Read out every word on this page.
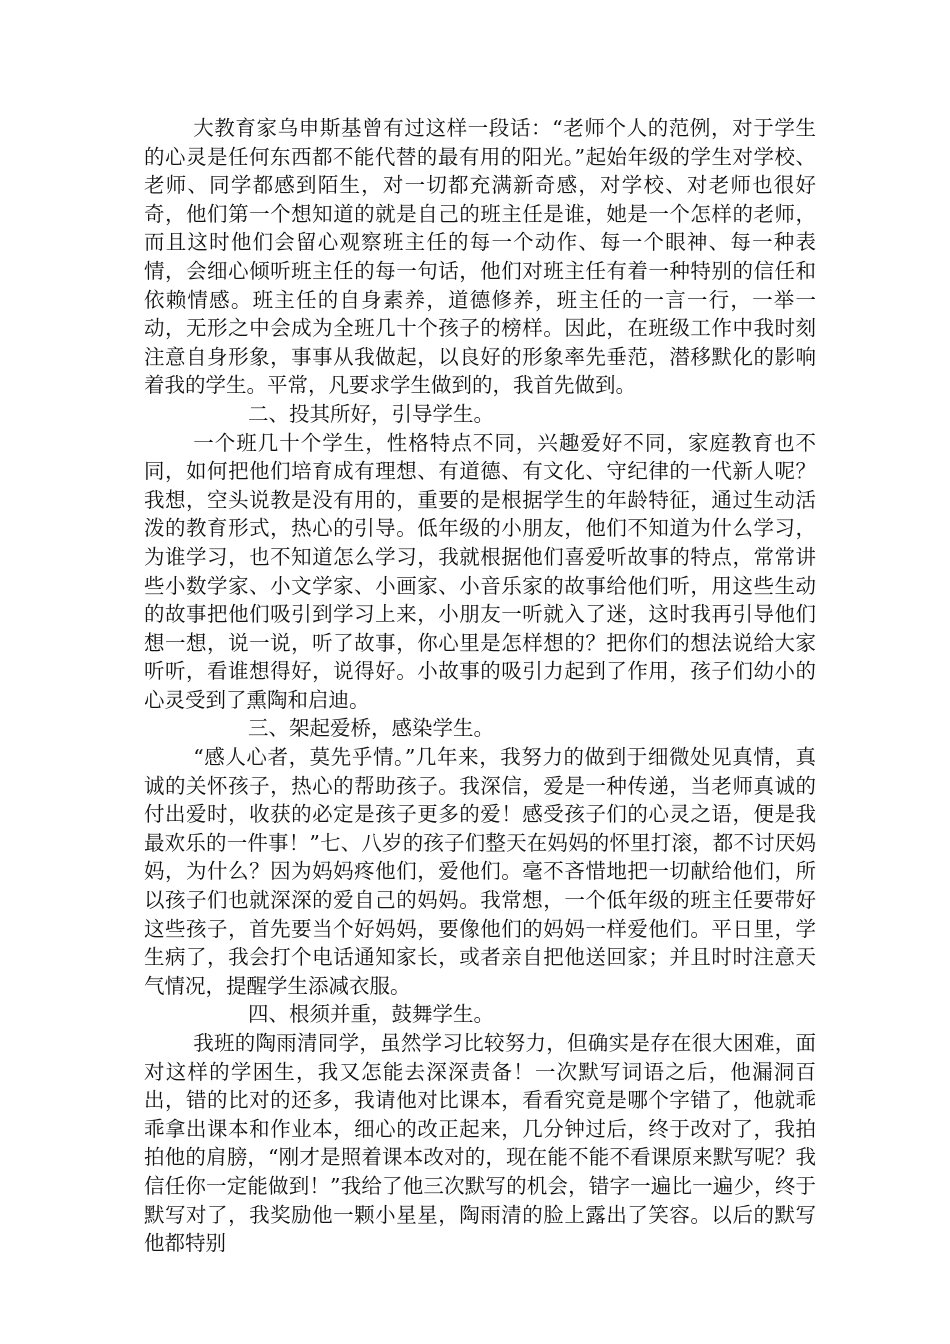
大教育家乌申斯基曾有过这样一段话：“老师个人的范例，对于学生的心灵是任何东西都不能代替的最有用的阳光。”起始年级的学生对学校、老师、同学都感到陌生，对一切都充满新奇感，对学校、对老师也很好奇，他们第一个想知道的就是自己的班主任是谁，她是一个怎样的老师，而且这时他们会留心观察班主任的每一个动作、每一个眼神、每一种表情，会细心倾听班主任的每一句话，他们对班主任有着一种特别的信任和依赖情感。班主任的自身素养，道德修养，班主任的一言一行，一举一动，无形之中会成为全班几十个孩子的榜样。因此，在班级工作中我时刻注意自身形象，事事从我做起，以良好的形象率先垂范，潜移默化的影响着我的学生。平常，凡要求学生做到的，我首先做到。

二、投其所好，引导学生。

一个班几十个学生，性格特点不同，兴趣爱好不同，家庭教育也不同，如何把他们培育成有理想、有道德、有文化、守纪律的一代新人呢？我想，空头说教是没有用的，重要的是根据学生的年龄特征，通过生动活泼的教育形式，热心的引导。低年级的小朋友，他们不知道为什么学习，为谁学习，也不知道怎么学习，我就根据他们喜爱听故事的特点，常常讲些小数学家、小文学家、小画家、小音乐家的故事给他们听，用这些生动的故事把他们吸引到学习上来，小朋友一听就入了迷，这时我再引导他们想一想，说一说，听了故事，你心里是怎样想的？把你们的想法说给大家听听，看谁想得好，说得好。小故事的吸引力起到了作用，孩子们幼小的心灵受到了熏陶和启迪。

三、架起爱桥，感染学生。

“感人心者，莫先乎情。”几年来，我努力的做到于细微处见真情，真诚的关怀孩子，热心的帮助孩子。我深信，爱是一种传递，当老师真诚的付出爱时，收获的必定是孩子更多的爱！感受孩子们的心灵之语，便是我最欢乐的一件事！”七、八岁的孩子们整天在妈妈的怀里打滚，都不讨厌妈妈，为什么？因为妈妈疼他们，爱他们。毫不吝惜地把一切献给他们，所以孩子们也就深深的爱自己的妈妈。我常想，一个低年级的班主任要带好这些孩子，首先要当个好妈妈，要像他们的妈妈一样爱他们。平日里，学生病了，我会打个电话通知家长，或者亲自把他送回家；并且时时注意天气情况，提醒学生添减衣服。

四、根须并重，鼓舞学生。

我班的陶雨清同学，虽然学习比较努力，但确实是存在很大困难，面对这样的学困生，我又怎能去深深责备！一次默写词语之后，他漏洞百出，错的比对的还多，我请他对比课本，看看究竟是哪个字错了，他就乖乖拿出课本和作业本，细心的改正起来，几分钟过后，终于改对了，我拍拍他的肩膀，“刚才是照着课本改对的，现在能不能不看课原来默写呢？我信任你一定能做到！”我给了他三次默写的机会，错字一遍比一遍少，终于默写对了，我奖励他一颗小星星，陶雨清的脸上露出了笑容。以后的默写他都特别
